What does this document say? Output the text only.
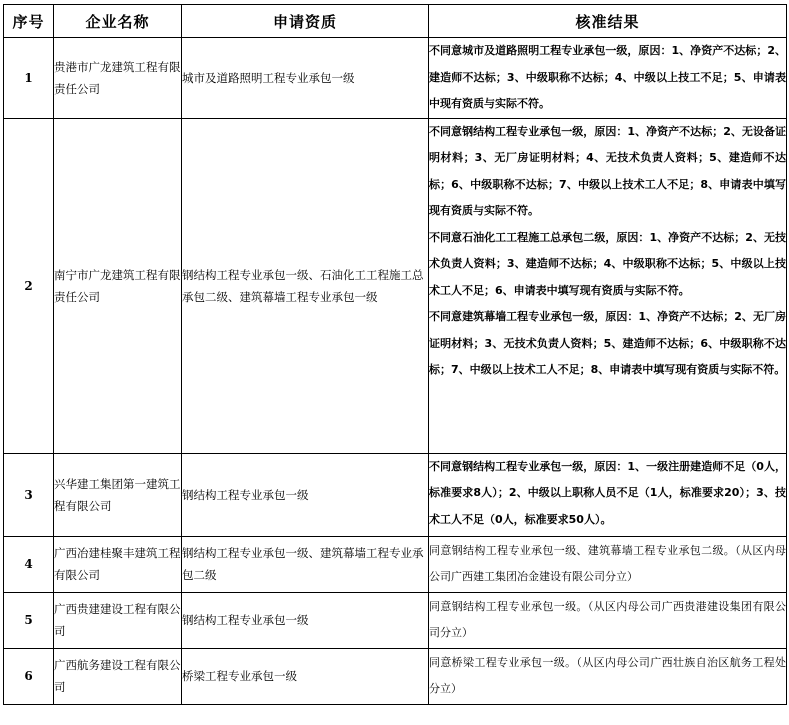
序号	企业名称	申请资质	核准结果
1	贵港市广龙建筑工程有限责任公司	城市及道路照明工程专业承包一级	不同意城市及道路照明工程专业承包一级，原因：1、净资产不达标；2、建造师不达标；3、中级职称不达标；4、中级以上技工不足；5、申请表中现有资质与实际不符。

2	南宁市广龙建筑工程有限责任公司	钢结构工程专业承包一级、石油化工工程施工总承包二级、建筑幕墙工程专业承包一级	不同意钢结构工程专业承包一级，原因：1、净资产不达标；2、无设备证明材料；3、无厂房证明材料；4、无技术负责人资料；5、建造师不达标；6、中级职称不达标；7、中级以上技术工人不足；8、申请表中填写现有资质与实际不符。

不同意石油化工工程施工总承包二级，原因：1、净资产不达标；2、无技术负责人资料；3、建造师不达标；4、中级职称不达标；5、中级以上技术工人不足；6、申请表中填写现有资质与实际不符。

不同意建筑幕墙工程专业承包一级，原因：1、净资产不达标；2、无厂房证明材料；3、无技术负责人资料；5、建造师不达标；6、中级职称不达标；7、中级以上技术工人不足；8、申请表中填写现有资质与实际不符。

3	兴华建工集团第一建筑工程有限公司	钢结构工程专业承包一级	不同意钢结构工程专业承包一级，原因：1、一级注册建造师不足（0人，标准要求8人）；2、中级以上职称人员不足（1人，标准要求20）；3、技术工人不足（0人，标准要求50人）。

4	广西冶建桂聚丰建筑工程有限公司	钢结构工程专业承包一级、建筑幕墙工程专业承包二级	同意钢结构工程专业承包一级、建筑幕墙工程专业承包二级。（从区内母公司广西建工集团冶金建设有限公司分立）

5	广西贵建建设工程有限公司	钢结构工程专业承包一级	同意钢结构工程专业承包一级。（从区内母公司广西贵港建设集团有限公司分立）

6	广西航务建设工程有限公司	桥梁工程专业承包一级	同意桥梁工程专业承包一级。（从区内母公司广西壮族自治区航务工程处分立）
